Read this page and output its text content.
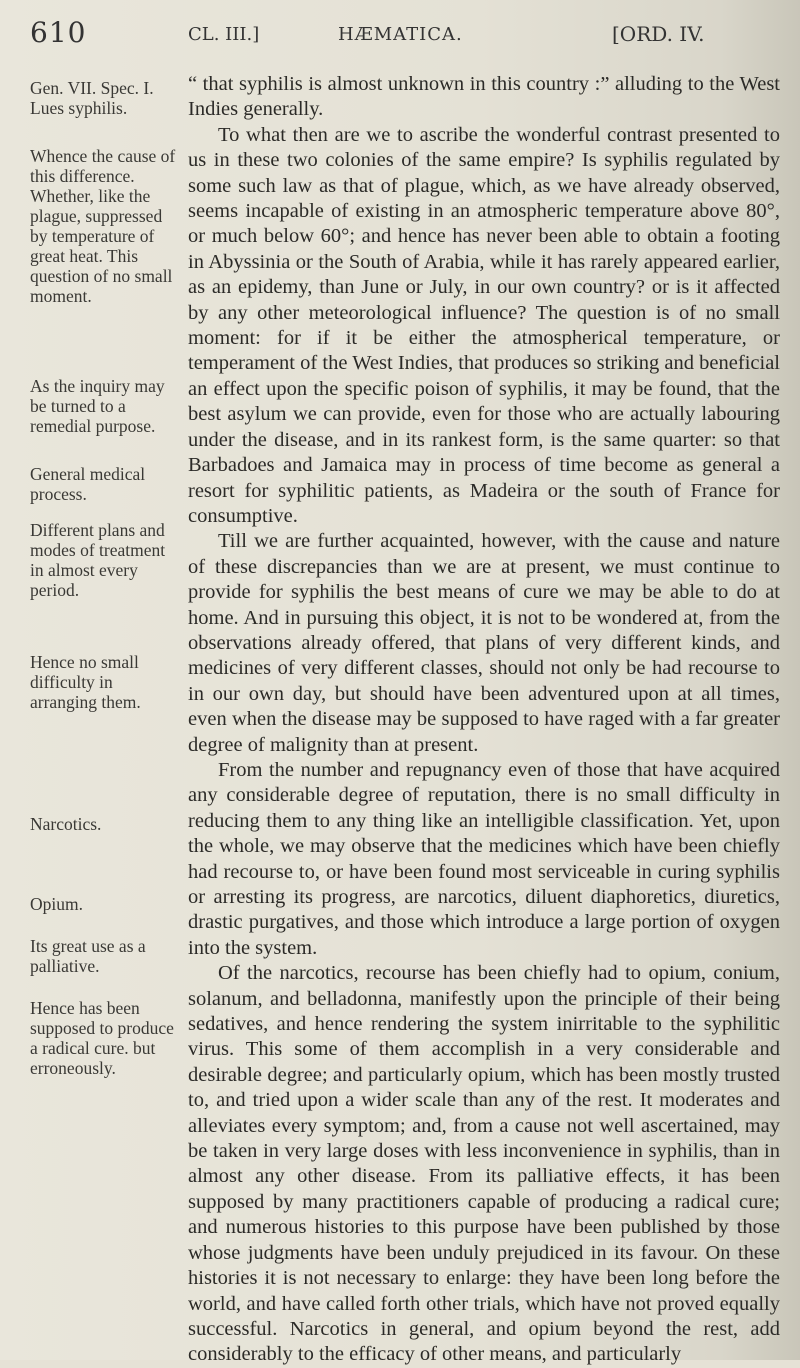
610	CL. III.]	HÆMATICA.	[ORD. IV.
Gen. VII. Spec. I. Lues syphilis.
Whence the cause of this difference. Whether, like the plague, suppressed by temperature of great heat. This question of no small moment.
As the inquiry may be turned to a remedial purpose.
General medical process.
Different plans and modes of treatment in almost every period.
Hence no small difficulty in arranging them.
Narcotics.
Opium.
Its great use as a palliative.
Hence has been supposed to produce a radical cure. but erroneously.

“ that syphilis is almost unknown in this country :” alluding to the West Indies generally.

To what then are we to ascribe the wonderful contrast presented to us in these two colonies of the same empire? Is syphilis regulated by some such law as that of plague, which, as we have already observed, seems incapable of existing in an atmospheric temperature above 80°, or much below 60°; and hence has never been able to obtain a footing in Abyssinia or the South of Arabia, while it has rarely appeared earlier, as an epidemy, than June or July, in our own country? or is it affected by any other meteorological influence? The question is of no small moment: for if it be either the atmospherical temperature, or temperament of the West Indies, that produces so striking and beneficial an effect upon the specific poison of syphilis, it may be found, that the best asylum we can provide, even for those who are actually labouring under the disease, and in its rankest form, is the same quarter: so that Barbadoes and Jamaica may in process of time become as general a resort for syphilitic patients, as Madeira or the south of France for consumptive.

Till we are further acquainted, however, with the cause and nature of these discrepancies than we are at present, we must continue to provide for syphilis the best means of cure we may be able to do at home. And in pursuing this object, it is not to be wondered at, from the observations already offered, that plans of very different kinds, and medicines of very different classes, should not only be had recourse to in our own day, but should have been adventured upon at all times, even when the disease may be supposed to have raged with a far greater degree of malignity than at present.

From the number and repugnancy even of those that have acquired any considerable degree of reputation, there is no small difficulty in reducing them to any thing like an intelligible classification. Yet, upon the whole, we may observe that the medicines which have been chiefly had recourse to, or have been found most serviceable in curing syphilis or arresting its progress, are narcotics, diluent diaphoretics, diuretics, drastic purgatives, and those which introduce a large portion of oxygen into the system.

Of the narcotics, recourse has been chiefly had to opium, conium, solanum, and belladonna, manifestly upon the principle of their being sedatives, and hence rendering the system inirritable to the syphilitic virus. This some of them accomplish in a very considerable and desirable degree; and particularly opium, which has been mostly trusted to, and tried upon a wider scale than any of the rest. It moderates and alleviates every symptom; and, from a cause not well ascertained, may be taken in very large doses with less inconvenience in syphilis, than in almost any other disease. From its palliative effects, it has been supposed by many practitioners capable of producing a radical cure; and numerous histories to this purpose have been published by those whose judgments have been unduly prejudiced in its favour. On these histories it is not necessary to enlarge: they have been long before the world, and have called forth other trials, which have not proved equally successful. Narcotics in general, and opium beyond the rest, add considerably to the efficacy of other means, and particularly
